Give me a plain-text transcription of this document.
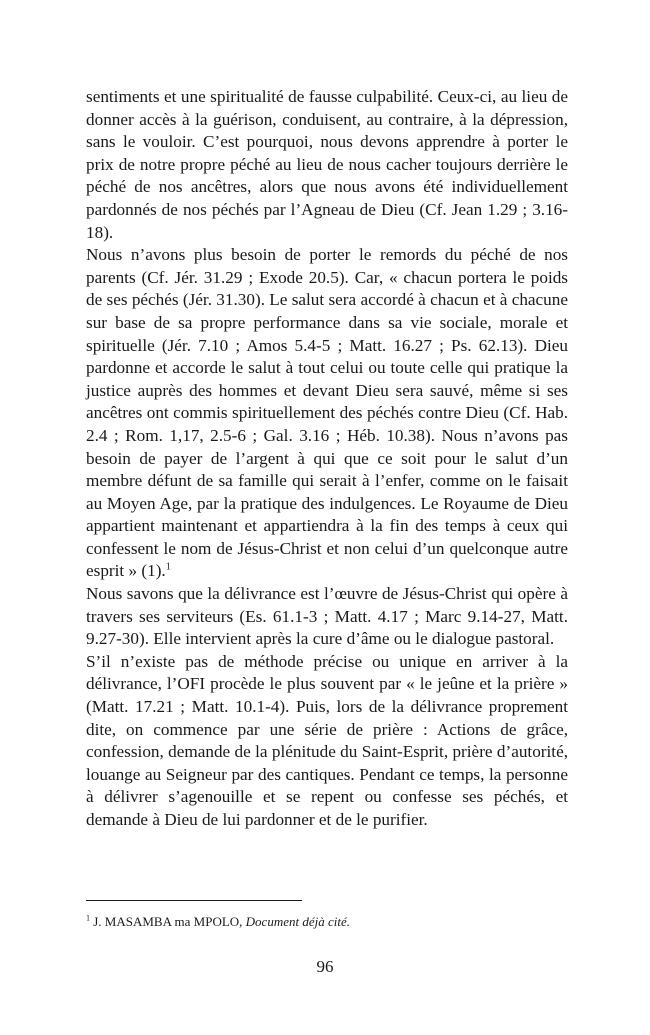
sentiments et une spiritualité de fausse culpabilité. Ceux-ci, au lieu de donner accès à la guérison, conduisent, au contraire, à la dépression, sans le vouloir. C’est pourquoi, nous devons apprendre à porter le prix de notre propre péché au lieu de nous cacher toujours derrière le péché de nos ancêtres, alors que nous avons été individuellement pardonnés de nos péchés par l’Agneau de Dieu (Cf. Jean 1.29 ; 3.16-18).

Nous n’avons plus besoin de porter le remords du péché de nos parents (Cf. Jér. 31.29 ; Exode 20.5). Car, « chacun portera le poids de ses péchés (Jér. 31.30). Le salut sera accordé à chacun et à chacune sur base de sa propre performance dans sa vie sociale, morale et spirituelle (Jér. 7.10 ; Amos 5.4-5 ; Matt. 16.27 ; Ps. 62.13). Dieu pardonne et accorde le salut à tout celui ou toute celle qui pratique la justice auprès des hommes et devant Dieu sera sauvé, même si ses ancêtres ont commis spirituellement des péchés contre Dieu (Cf. Hab. 2.4 ; Rom. 1,17, 2.5-6 ; Gal. 3.16 ; Héb. 10.38). Nous n’avons pas besoin de payer de l’argent à qui que ce soit pour le salut d’un membre défunt de sa famille qui serait à l’enfer, comme on le faisait au Moyen Age, par la pratique des indulgences. Le Royaume de Dieu appartient maintenant et appartiendra à la fin des temps à ceux qui confessent le nom de Jésus-Christ et non celui d’un quelconque autre esprit » (1).$^1$

Nous savons que la délivrance est l’œuvre de Jésus-Christ qui opère à travers ses serviteurs (Es. 61.1-3 ; Matt. 4.17 ; Marc 9.14-27, Matt. 9.27-30). Elle intervient après la cure d’âme ou le dialogue pastoral.

S’il n’existe pas de méthode précise ou unique en arriver à la délivrance, l’OFI procède le plus souvent par « le jeûne et la prière » (Matt. 17.21 ; Matt. 10.1-4). Puis, lors de la délivrance proprement dite, on commence par une série de prière : Actions de grâce, confession, demande de la plénitude du Saint-Esprit, prière d’autorité, louange au Seigneur par des cantiques. Pendant ce temps, la personne à délivrer s’agenouille et se repent ou confesse ses péchés, et demande à Dieu de lui pardonner et de le purifier.

$^1$ J. MASAMBA ma MPOLO, Document déjà cité.
96
